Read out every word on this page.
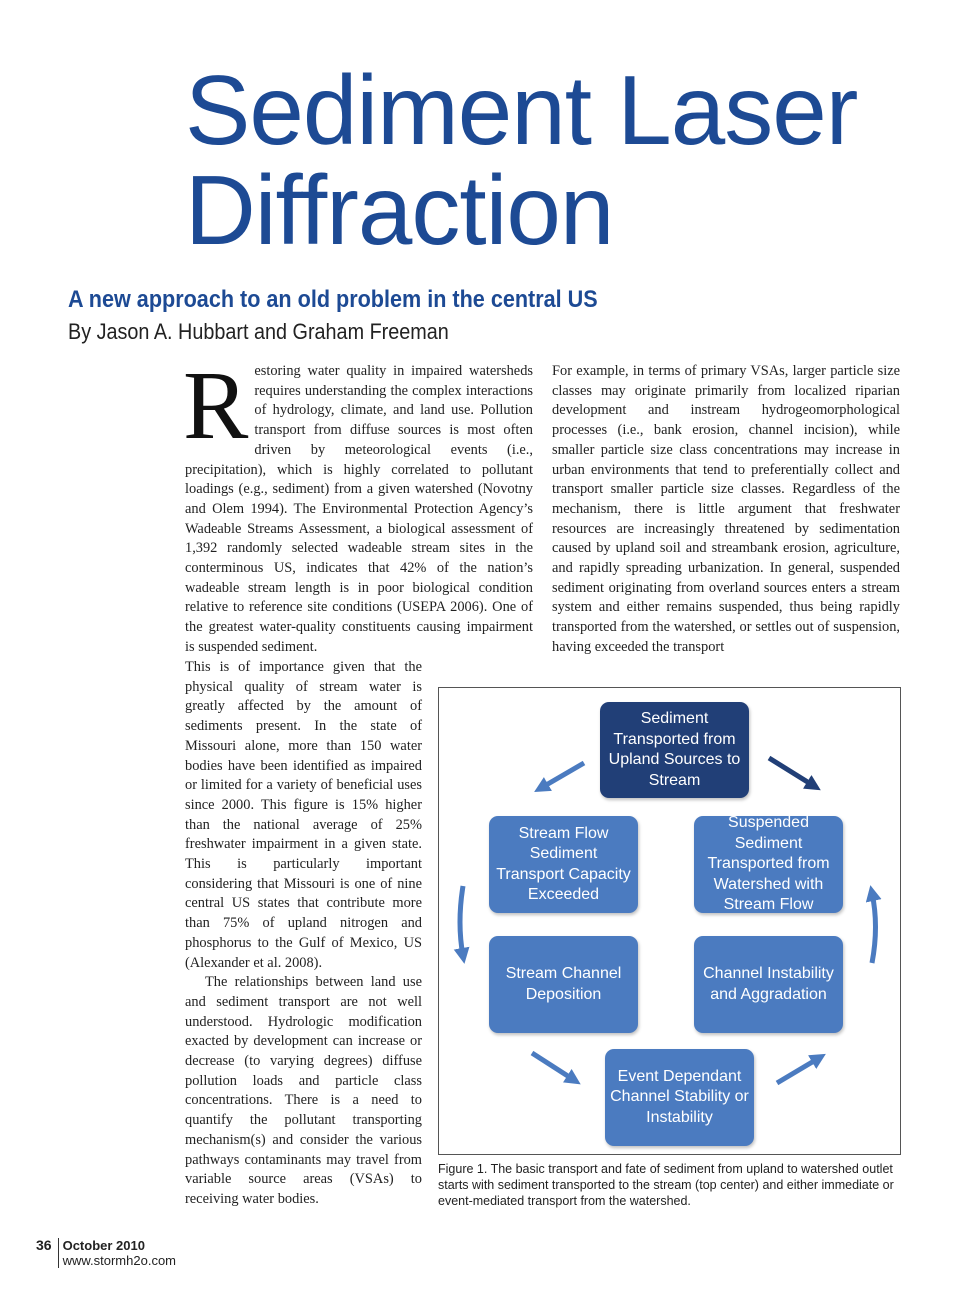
Sediment Laser Diffraction
A new approach to an old problem in the central US
By Jason A. Hubbart and Graham Freeman
R estoring water quality in impaired watersheds requires understanding the complex interactions of hydrology, climate, and land use. Pollution transport from diffuse sources is most often driven by meteorological events (i.e., precipitation), which is highly correlated to pollutant loadings (e.g., sediment) from a given watershed (Novotny and Olem 1994). The Environmental Protection Agency’s Wadeable Streams Assessment, a biological assessment of 1,392 randomly selected wadeable stream sites in the conterminous US, indicates that 42% of the nation’s wadeable stream length is in poor biological condition relative to reference site conditions (USEPA 2006). One of the greatest water-quality constituents causing impairment is suspended sediment.

This is of importance given that the physical quality of stream water is greatly affected by the amount of sediments present. In the state of Missouri alone, more than 150 water bodies have been identified as impaired or limited for a variety of beneficial uses since 2000. This figure is 15% higher than the national average of 25% freshwater impairment in a given state. This is particularly important considering that Missouri is one of nine central US states that contribute more than 75% of upland nitrogen and phosphorus to the Gulf of Mexico, US (Alexander et al. 2008).

The relationships between land use and sediment transport are not well understood. Hydrologic modification exacted by development can increase or decrease (to varying degrees) diffuse pollution loads and particle class concentrations. There is a need to quantify the pollutant transporting mechanism(s) and consider the various pathways contaminants may travel from variable source areas (VSAs) to receiving water bodies.

For example, in terms of primary VSAs, larger particle size classes may originate primarily from localized riparian development and instream hydrogeomorphological processes (i.e., bank erosion, channel incision), while smaller particle size class concentrations may increase in urban environments that tend to preferentially collect and transport smaller particle size classes. Regardless of the mechanism, there is little argument that freshwater resources are increasingly threatened by sedimentation caused by upland soil and streambank erosion, agriculture, and rapidly spreading urbanization. In general, suspended sediment originating from overland sources enters a stream system and either remains suspended, thus being rapidly transported from the watershed, or settles out of suspension, having exceeded the transport

Sediment
Transported from
Upland Sources to
Stream
Stream Flow
Sediment
Transport Capacity
Exceeded
Suspended
Sediment
Transported from
Watershed with
Stream Flow
Stream Channel
Deposition
Channel Instability
and Aggradation
Event Dependant
Channel Stability or
Instability
Figure 1. The basic transport and fate of sediment from upland to watershed outlet starts with sediment transported to the stream (top center) and either immediate or event-mediated transport from the watershed.
36 October 2010
www.stormh2o.com
